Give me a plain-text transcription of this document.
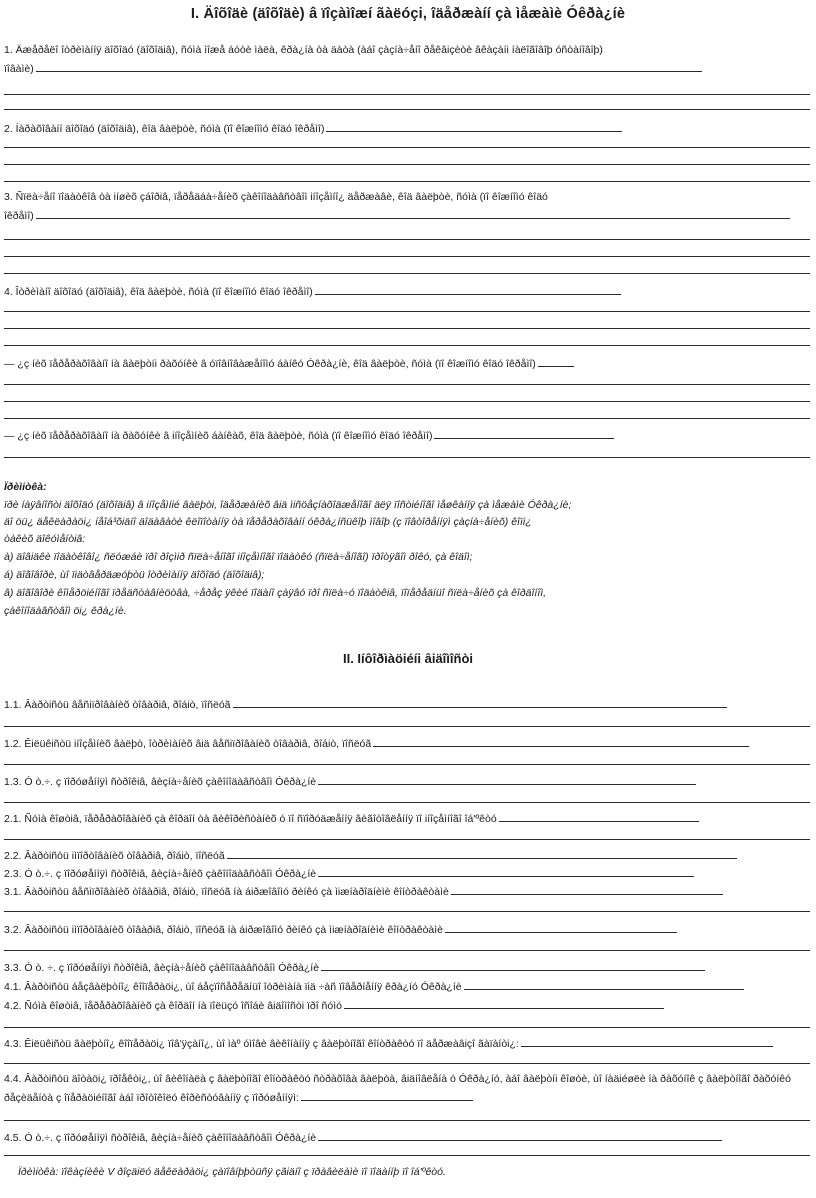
I. Äîõîäè (äîõîäè) â ïîçàìîæí ãàëóçi, îäåðæàíí çà ìåæàìè Óêðà¿íè
1. Äæåðåëî îòðèìàííÿ äîõîäó (äîõîäiâ), ñóìà ìîæå áóòè ìàëà, êðà¿íà òà äàòà (àáî çàçíà÷åíî ðåêâiçèòè âêàçàíi íàëîãîâîþ óñòàíîâîþ)
ïîâàìè)
2. Íàðàõîâàíí äîõîäó (äîõîäiâ), êîä âàëþòè, ñóìà (ïî êîæíîìó êîäó îêðåìî)
3. Ñïëà÷åíî ïîäàòêîâ òà iíøèõ çáîðiâ, ïåðåäáà÷åíèõ çàêîíîäàâñòâîì iíîçåìíî¿ äåðæàâè, êîä âàëþòè, ñóìà (ïî êîæíîìó êîäó
îêðåìî)
4. Îòðèìàíî äîõîäó (äîõîäiâ), êîä âàëþòè, ñóìà (ïî êîæíîìó êîäó îêðåìî)
— ¿ç íèõ ïåðåðàõîâàíî íà âàëþòíi ðàõóíêè â óïîâíîâàæåíîìó áàíêó Óêðà¿íè, êîä âàëþòè, ñóìà (ïî êîæíîìó êîäó îêðåìî)
— ¿ç íèõ ïåðåðàõîâàíî íà ðàõóíêè â iíîçåìíèõ áàíêàõ, êîä âàëþòè, ñóìà (ïî êîæíîìó êîäó îêðåìî)
Ïðèìiòêà:
ïðè íàÿâíîñòi äîõîäó (äîõîäiâ) â iíîçåìíié âàëþòi, îäåðæàíèõ âiä ìiñöåçíàõîäæåíîãî äëÿ ïîñòiéíîãî ìåøêàííÿ çà ìåæàìè Óêðà¿íè;
äî öü¿ äåêëàðàöi¿ íåîá³õiäíî äîäàâàòè êëîïîòàííÿ òà ïåðåðàõîâàíí óêðà¿íñüêîþ ìîâîþ (ç ïîâòîðåííÿì çàçíà÷åíèõ) êîïi¿
òàêèõ äîêóìåíòiâ:
à) äîâiäêè ïîäàòêîâî¿ ñëóæáè ïðî ðîçìið ñïëà÷åíîãî iíîçåìíîãî ïîäàòêó (ñïëà÷åíîãî) ïðîòÿãîì ðîêó, çà êîäîì;
á) äîãîâîðè, ùî ïiäòâåðäæóþòü îòðèìàííÿ äîõîäó (äîõîäiâ);
â) äîãîâîðè êîìåðöiéíîãî ïðåäñòàâíèöòâà, ÷åðåç ÿêèé ïîäàíî çàÿâó ïðî ñïëà÷ó ïîäàòêiâ, ïîïåðåäíüî ñïëà÷åíèõ çà êîðäîíîì,
çàêîíîäàâñòâîì öi¿ êðà¿íè.
II. Iíôîðìàöiéíi âiäîìîñòi
1.1. Âàðòiñòü âåñiïðîâàíèõ òîâàðiâ, ðîáiò, ïîñëóã
1.2. Êiëüêiñòü iíîçåìíèõ âàëþò, îòðèìàíèõ âiä âåñiïðîâàíèõ òîâàðiâ, ðîáiò, ïîñëóã
1.3. Ó ò.÷. ç ïîðóøåííÿì ñòðîêiâ, âèçíà÷åíèõ çàêîíîäàâñòâîì Óêðà¿íè
2.1. Ñóìà êîøòiâ, ïåðåðàõîâàíèõ çà êîðäîí òà âèêîðèñòàíèõ ó ïî ñïîðóäæåííÿ âèãîòîâëåííÿ ïî iíîçåìíîãî îá'ºêòó
2.2. Âàðòiñòü iìïîðòîâàíèõ òîâàðiâ, ðîáiò, ïîñëóã
2.3. Ó ò.÷. ç ïîðóøåííÿì ñòðîêiâ, âèçíà÷åíèõ çàêîíîäàâñòâîì Óêðà¿íè
3.1. Âàðòiñòü âåñiïðîâàíèõ òîâàðiâ, ðîáiò, ïîñëóã íà áiðæîâîìó ðèíêó çà ìiæíàðîäíèìè êîíòðàêòàìè
3.2. Âàðòiñòü iìïîðòîâàíèõ òîâàðiâ, ðîáiò, ïîñëóã íà áiðæîâîìó ðèíêó çà ìiæíàðîäíèìè êîíòðàêòàìè
3.3. Ó ò. ÷. ç ïîðóøåííÿì ñòðîêiâ, âèçíà÷åíèõ çàêîíîäàâñòâîì Óêðà¿íè
4.1. Âàðòiñòü áåçâàëþòíî¿ êîîïåðàöi¿, ùî áåçïîñåðåäíüî îòðèìàíà ïiä ÷àñ ïîâåðíåííÿ êðà¿íó Óêðà¿íè
4.2. Ñóìà êîøòiâ, ïåðåðàõîâàíèõ çà êîðäîí íà ïîëüçó îñîáè âiäîìîñòi ïðî ñóìó
4.3. Êiëüêiñòü âàëþòíî¿ êîîïåðàöi¿ ïîâ'ÿçàíî¿, ùî ìàº óìîâè âèêîíàííÿ ç âàëþòíîãî êîíòðàêòó ïî äåðæàâiçî ãàïàíòi¿:
4.4. Âàðòiñòü äîòàöi¿ ïðîåêòi¿, ùî âèêîíàëà ç âàëþòíîãî êîíòðàêòó ñòðàõîâà âàëþòà, âiäíîâëåíà ó Óêðà¿íó, àáî âàëþòíi êîøòè, ùî íàäiéøëè íà ðàõóíîê ç âàëþòíîãî ðàõóíêó
ðåçèäåíòà ç îïåðàöiéíîãî àáî ïðîòîêîëó êîðèñòóâàííÿ ç ïîðóøåííÿì:
4.5. Ó ò.÷. ç ïîðóøåííÿì ñòðîêiâ, âèçíà÷åíèõ çàêîíîäàâñòâîì Óêðà¿íè
Ïðèìiòêà: ïîêàçíèêè V ðîçäiëó äåêëàðàöi¿ çàïîâíþþòüñÿ çãiäíî ç ïðàâèëàìè ïî ïîäàííþ ïî îá'ºêòó.
